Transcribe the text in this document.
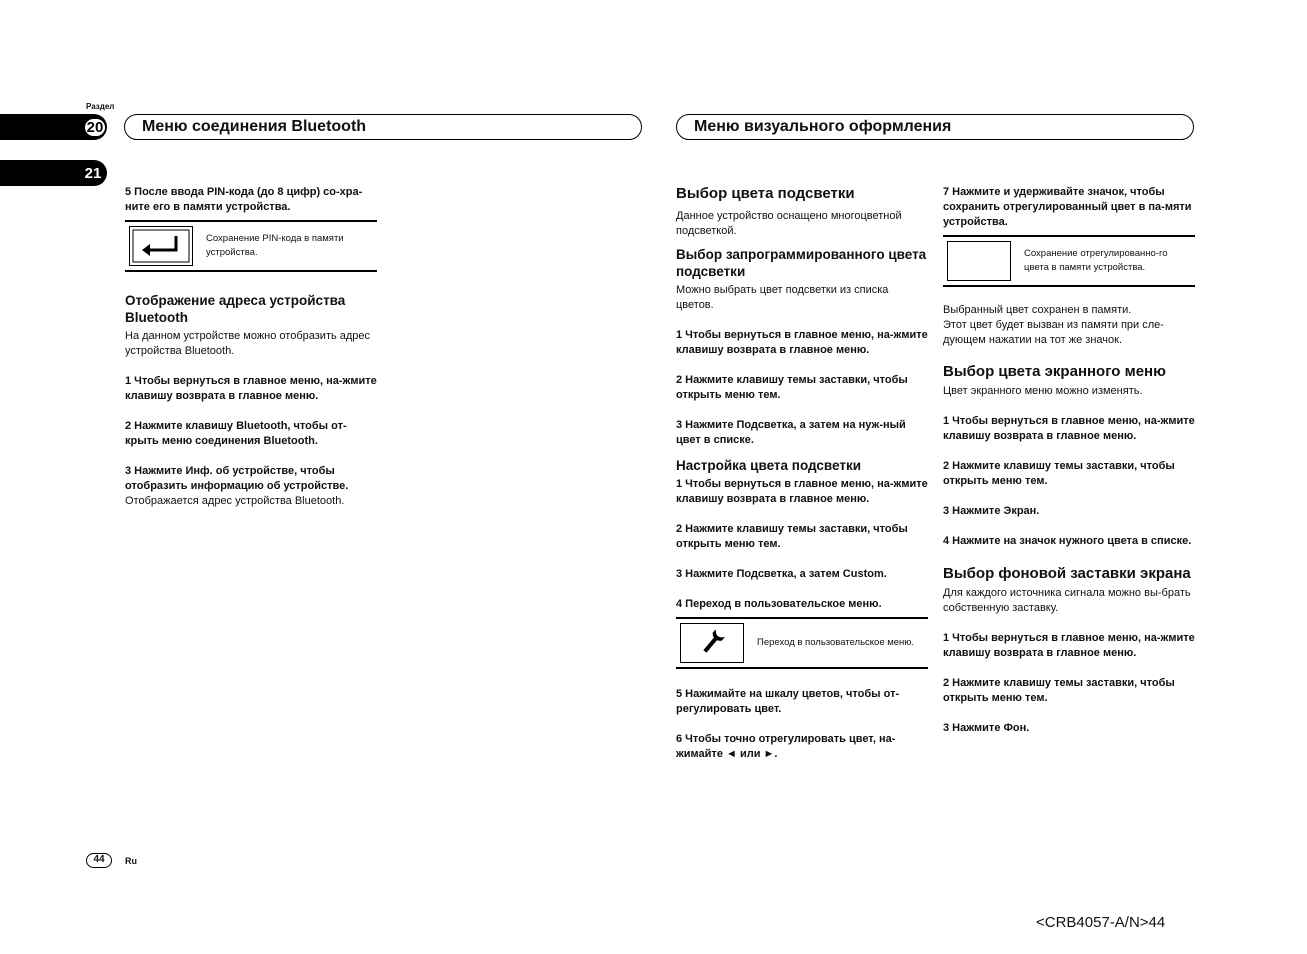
Раздел
20
21
Меню соединения Bluetooth	Меню визуального оформления

5 После ввода PIN-кода (до 8 цифр) со-храните его в памяти устройства.

Сохранение PIN-кода в памяти устройства.

Отображение адреса устройства Bluetooth

На данном устройстве можно отобразить адрес устройства Bluetooth.

1 Чтобы вернуться в главное меню, на-жмите клавишу возврата в главное меню.

2 Нажмите клавишу Bluetooth, чтобы от-крыть меню соединения Bluetooth.

3 Нажмите Инф. об устройстве, чтобы отобразить информацию об устройстве.

Отображается адрес устройства Bluetooth.

Выбор цвета подсветки

Данное устройство оснащено многоцветной подсветкой.

Выбор запрограммированного цвета подсветки

Можно выбрать цвет подсветки из списка цветов.

1 Чтобы вернуться в главное меню, на-жмите клавишу возврата в главное меню.

2 Нажмите клавишу темы заставки, чтобы открыть меню тем.

3 Нажмите Подсветка, а затем на нуж-ный цвет в списке.

Настройка цвета подсветки

1 Чтобы вернуться в главное меню, на-жмите клавишу возврата в главное меню.

2 Нажмите клавишу темы заставки, чтобы открыть меню тем.

3 Нажмите Подсветка, а затем Custom.

4 Переход в пользовательское меню.

Переход в пользовательское меню.

5 Нажимайте на шкалу цветов, чтобы от-регулировать цвет.

6 Чтобы точно отрегулировать цвет, на-жимайте ◄ или ►.

7 Нажмите и удерживайте значок, чтобы сохранить отрегулированный цвет в па-мяти устройства.

Сохранение отрегулированно-го цвета в памяти устройства.

Выбранный цвет сохранен в памяти.

Этот цвет будет вызван из памяти при сле-дующем нажатии на тот же значок.

Выбор цвета экранного меню

Цвет экранного меню можно изменять.

1 Чтобы вернуться в главное меню, на-жмите клавишу возврата в главное меню.

2 Нажмите клавишу темы заставки, чтобы открыть меню тем.

3 Нажмите Экран.

4 Нажмите на значок нужного цвета в списке.

Выбор фоновой заставки экрана

Для каждого источника сигнала можно вы-брать собственную заставку.

1 Чтобы вернуться в главное меню, на-жмите клавишу возврата в главное меню.

2 Нажмите клавишу темы заставки, чтобы открыть меню тем.

3 Нажмите Фон.

44	Ru
<CRB4057-A/N>44
